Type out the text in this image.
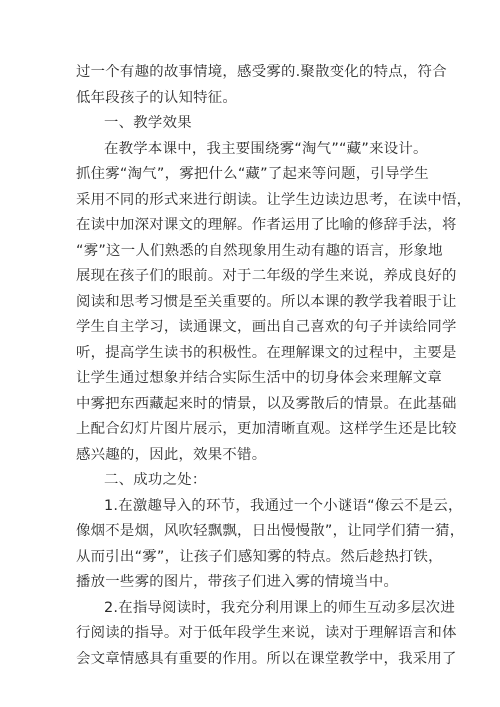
过一个有趣的故事情境，感受雾的.聚散变化的特点，符合
低年段孩子的认知特征。
一、教学效果
在教学本课中，我主要围绕雾“淘气”“藏”来设计。
抓住雾“淘气”，雾把什么“藏”了起来等问题，引导学生
采用不同的形式来进行朗读。让学生边读边思考，在读中悟，
在读中加深对课文的理解。作者运用了比喻的修辞手法，将
“雾”这一人们熟悉的自然现象用生动有趣的语言，形象地
展现在孩子们的眼前。对于二年级的学生来说，养成良好的
阅读和思考习惯是至关重要的。所以本课的教学我着眼于让
学生自主学习，读通课文，画出自己喜欢的句子并读给同学
听，提高学生读书的积极性。在理解课文的过程中，主要是
让学生通过想象并结合实际生活中的切身体会来理解文章
中雾把东西藏起来时的情景，以及雾散后的情景。在此基础
上配合幻灯片图片展示，更加清晰直观。这样学生还是比较
感兴趣的，因此，效果不错。
二、成功之处：
1.在激趣导入的环节，我通过一个小谜语“像云不是云，
像烟不是烟，风吹轻飘飘，日出慢慢散”，让同学们猜一猜，
从而引出“雾”，让孩子们感知雾的特点。然后趁热打铁，
播放一些雾的图片，带孩子们进入雾的情境当中。
2.在指导阅读时，我充分利用课上的师生互动多层次进
行阅读的指导。对于低年段学生来说，读对于理解语言和体
会文章情感具有重要的作用。所以在课堂教学中，我采用了
